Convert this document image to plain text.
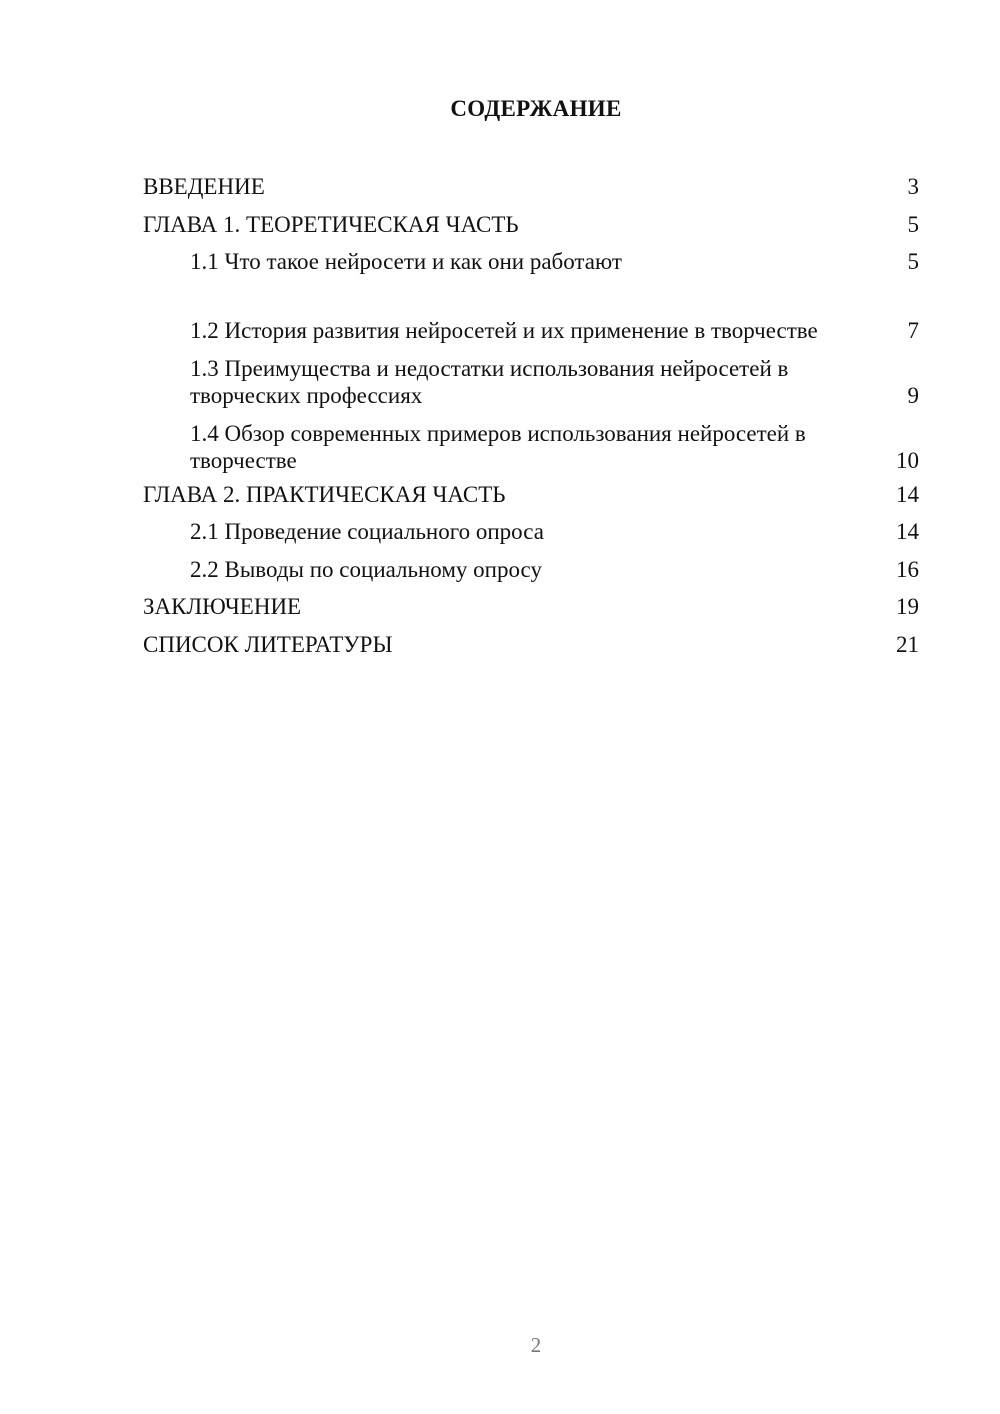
СОДЕРЖАНИЕ
ВВЕДЕНИЕ	3
ГЛАВА 1. ТЕОРЕТИЧЕСКАЯ ЧАСТЬ	5
1.1 Что такое нейросети и как они работают	5
1.2 История развития нейросетей и их применение в творчестве	7
1.3 Преимущества и недостатки использования нейросетей в творческих профессиях	9
1.4 Обзор современных примеров использования нейросетей в творчестве	10
ГЛАВА 2. ПРАКТИЧЕСКАЯ ЧАСТЬ	14
2.1 Проведение социального опроса	14
2.2 Выводы по социальному опросу	16
ЗАКЛЮЧЕНИЕ	19
СПИСОК ЛИТЕРАТУРЫ	21
2
